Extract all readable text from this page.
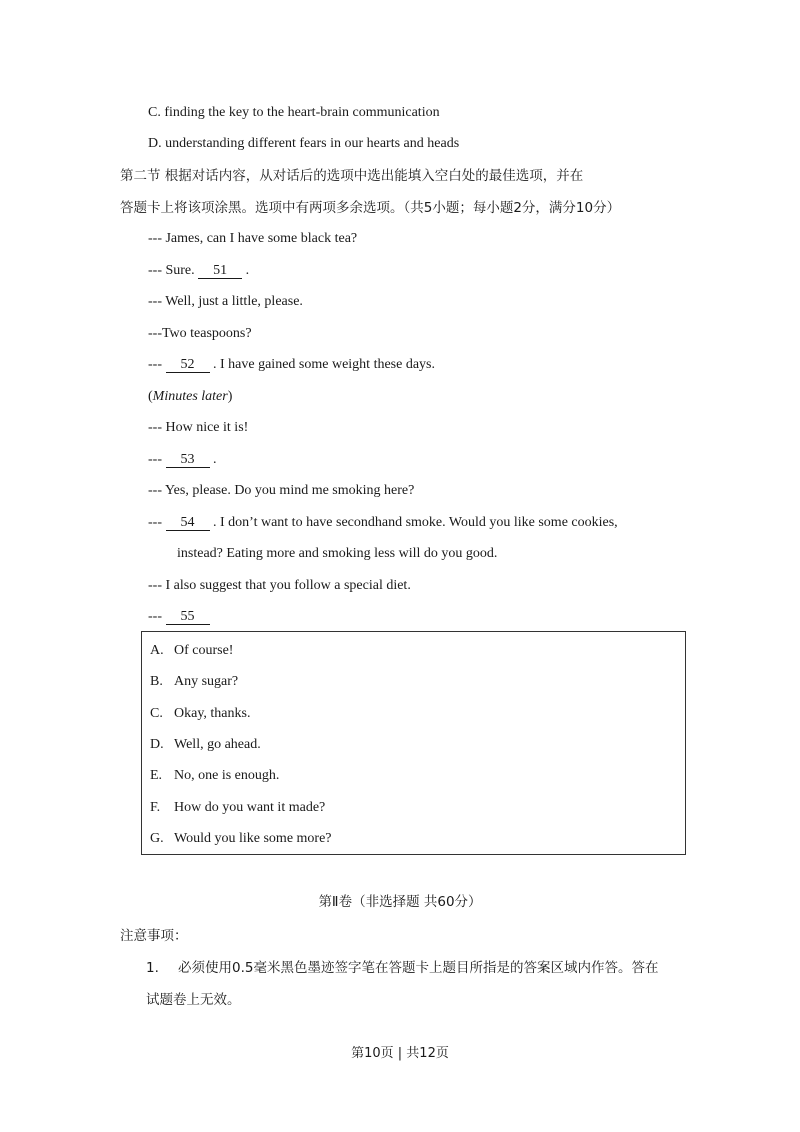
C. finding the key to the heart-brain communication
D. understanding different fears in our hearts and heads
第二节 根据对话内容，从对话后的选项中选出能填入空白处的最佳选项，并在
答题卡上将该项涂黑。选项中有两项多余选项。（共5小题；每小题2分，满分10分）
--- James, can I have some black tea?
--- Sure. 51 .
--- Well, just a little, please.
---Two teaspoons?
--- 52 . I have gained some weight these days.
(Minutes later)
--- How nice it is!
--- 53 .
--- Yes, please. Do you mind me smoking here?
--- 54 . I don’t want to have secondhand smoke. Would you like some cookies,
instead? Eating more and smoking less will do you good.
--- I also suggest that you follow a special diet.
--- 55
A. Of course!
B. Any sugar?
C. Okay, thanks.
D. Well, go ahead.
E. No, one is enough.
F. How do you want it made?
G. Would you like some more?
第Ⅱ卷（非选择题 共60分）
注意事项：
1. 必须使用0.5毫米黑色墨迹签字笔在答题卡上题目所指是的答案区域内作答。答在
试题卷上无效。
第10页 | 共12页
